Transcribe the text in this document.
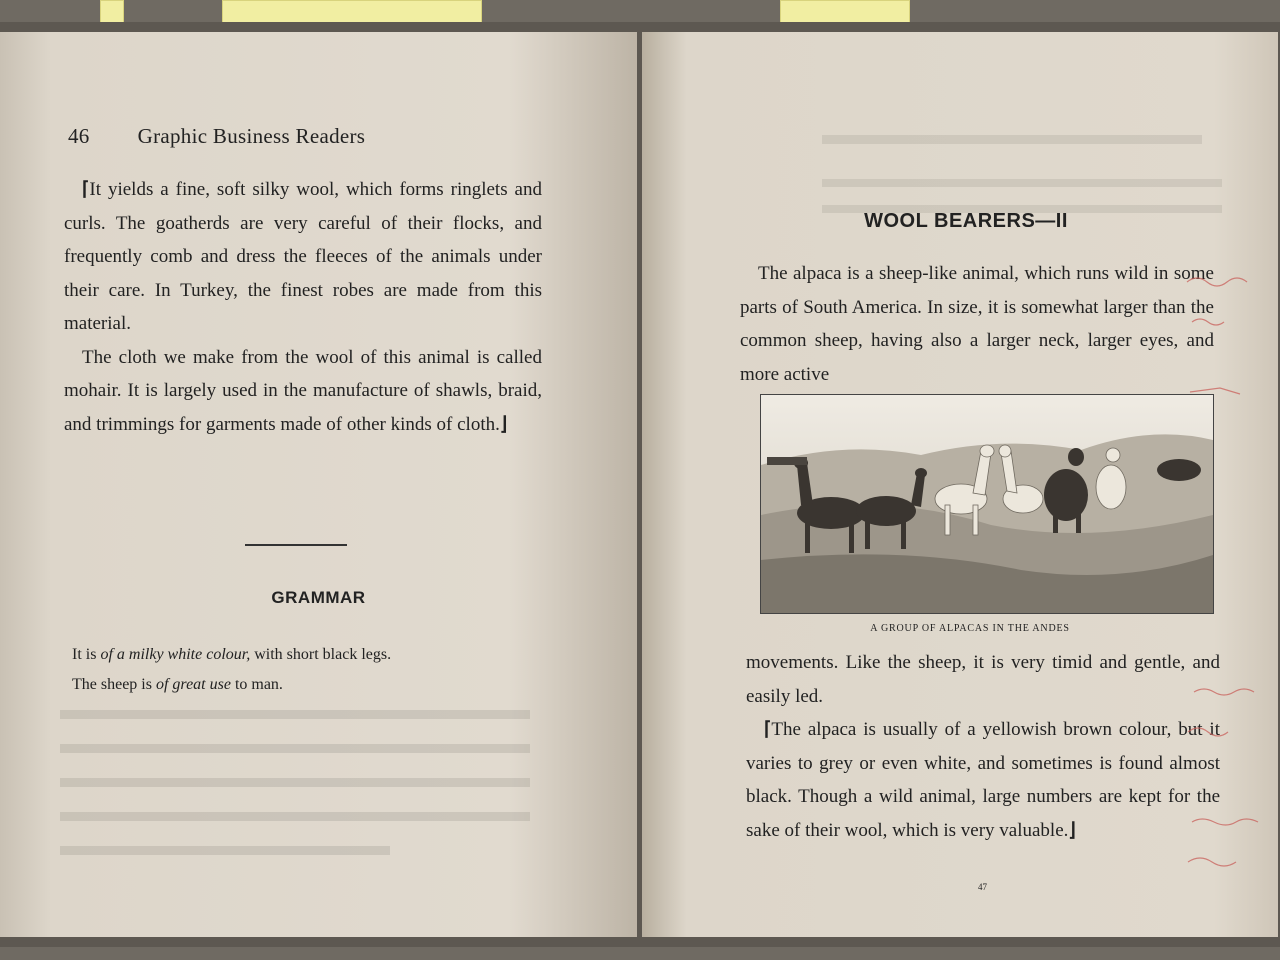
46 Graphic Business Readers

⌈It yields a fine, soft silky wool, which forms ringlets and curls. The goatherds are very careful of their flocks, and frequently comb and dress the fleeces of the animals under their care. In Turkey, the finest robes are made from this material.

The cloth we make from the wool of this animal is called mohair. It is largely used in the manufacture of shawls, braid, and trimmings for garments made of other kinds of cloth.⌋

GRAMMAR

It is of a milky white colour, with short black legs.

The sheep is of great use to man.

WOOL BEARERS—II

The alpaca is a sheep-like animal, which runs wild in some parts of South America. In size, it is somewhat larger than the common sheep, having also a larger neck, larger eyes, and more active

A GROUP OF ALPACAS IN THE ANDES

movements. Like the sheep, it is very timid and gentle, and easily led.

⌈The alpaca is usually of a yellowish brown colour, but it varies to grey or even white, and sometimes is found almost black. Though a wild animal, large numbers are kept for the sake of their wool, which is very valuable.⌋

47
